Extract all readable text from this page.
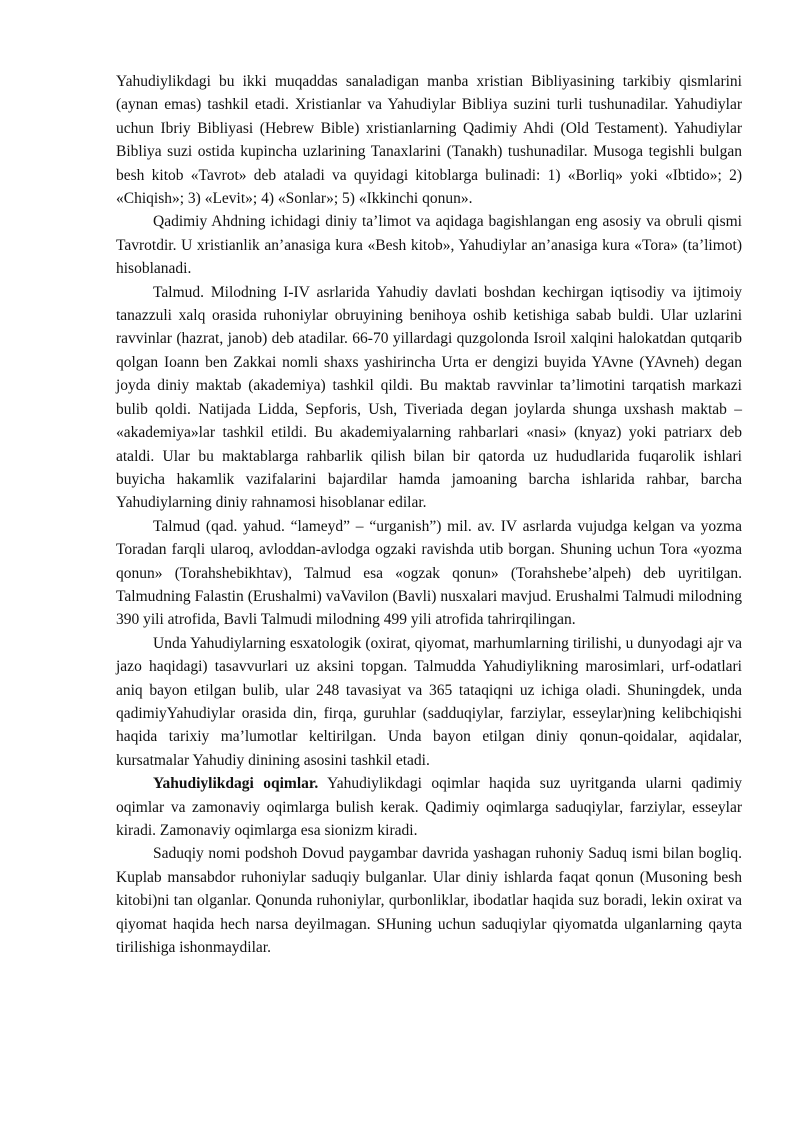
Yahudiylikdagi bu ikki muqaddas sanaladigan manba xristian Bibliyasining tarkibiy qismlarini (aynan emas) tashkil etadi. Xristianlar va Yahudiylar Bibliya suzini turli tushunadilar. Yahudiylar uchun Ibriy Bibliyasi (Hebrew Bible) xristianlarning Qadimiy Ahdi (Old Testament). Yahudiylar Bibliya suzi ostida kupincha uzlarining Tanaxlarini (Tanakh) tushunadilar. Musoga tegishli bulgan besh kitob «Tavrot» deb ataladi va quyidagi kitoblarga bulinadi: 1) «Borliq» yoki «Ibtido»; 2) «Chiqish»; 3) «Levit»; 4) «Sonlar»; 5) «Ikkinchi qonun».

Qadimiy Ahdning ichidagi diniy ta’limot va aqidaga bagishlangan eng asosiy va obruli qismi Tavrotdir. U xristianlik an’anasiga kura «Besh kitob», Yahudiylar an’anasiga kura «Tora» (ta’limot) hisoblanadi.

Talmud. Milodning I-IV asrlarida Yahudiy davlati boshdan kechirgan iqtisodiy va ijtimoiy tanazzuli xalq orasida ruhoniylar obruyining benihoya oshib ketishiga sabab buldi. Ular uzlarini ravvinlar (hazrat, janob) deb atadilar. 66-70 yillardagi quzgolonda Isroil xalqini halokatdan qutqarib qolgan Ioann ben Zakkai nomli shaxs yashirincha Urta er dengizi buyida YAvne (YAvneh) degan joyda diniy maktab (akademiya) tashkil qildi. Bu maktab ravvinlar ta’limotini tarqatish markazi bulib qoldi. Natijada Lidda, Sepforis, Ush, Tiveriada degan joylarda shunga uxshash maktab – «akademiya»lar tashkil etildi. Bu akademiyalarning rahbarlari «nasi» (knyaz) yoki patriarx deb ataldi. Ular bu maktablarga rahbarlik qilish bilan bir qatorda uz hududlarida fuqarolik ishlari buyicha hakamlik vazifalarini bajardilar hamda jamoaning barcha ishlarida rahbar, barcha Yahudiylarning diniy rahnamosi hisoblanar edilar.

Talmud (qad. yahud. “lameyd” – “urganish”) mil. av. IV asrlarda vujudga kelgan va yozma Toradan farqli ularoq, avloddan-avlodga ogzaki ravishda utib borgan. Shuning uchun Tora «yozma qonun» (Torahshebikhtav), Talmud esa «ogzak qonun» (Torahshebe’alpeh) deb uyritilgan. Talmudning Falastin (Erushalmi) vaVavilon (Bavli) nusxalari mavjud. Erushalmi Talmudi milodning 390 yili atrofida, Bavli Talmudi milodning 499 yili atrofida tahrirqilingan.

Unda Yahudiylarning esxatologik (oxirat, qiyomat, marhumlarning tirilishi, u dunyodagi ajr va jazo haqidagi) tasavvurlari uz aksini topgan. Talmudda Yahudiylikning marosimlari, urf-odatlari aniq bayon etilgan bulib, ular 248 tavasiyat va 365 tataqiqni uz ichiga oladi. Shuningdek, unda qadimiyYahudiylar orasida din, firqa, guruhlar (sadduqiylar, farziylar, esseylar)ning kelibchiqishi haqida tarixiy ma’lumotlar keltirilgan. Unda bayon etilgan diniy qonun-qoidalar, aqidalar, kursatmalar Yahudiy dinining asosini tashkil etadi.

Yahudiylikdagi oqimlar. Yahudiylikdagi oqimlar haqida suz uyritganda ularni qadimiy oqimlar va zamonaviy oqimlarga bulish kerak. Qadimiy oqimlarga saduqiylar, farziylar, esseylar kiradi. Zamonaviy oqimlarga esa sionizm kiradi.

Saduqiy nomi podshoh Dovud paygambar davrida yashagan ruhoniy Saduq ismi bilan bogliq. Kuplab mansabdor ruhoniylar saduqiy bulganlar. Ular diniy ishlarda faqat qonun (Musoning besh kitobi)ni tan olganlar. Qonunda ruhoniylar, qurbonliklar, ibodatlar haqida suz boradi, lekin oxirat va qiyomat haqida hech narsa deyilmagan. SHuning uchun saduqiylar qiyomatda ulganlarning qayta tirilishiga ishonmaydilar.
